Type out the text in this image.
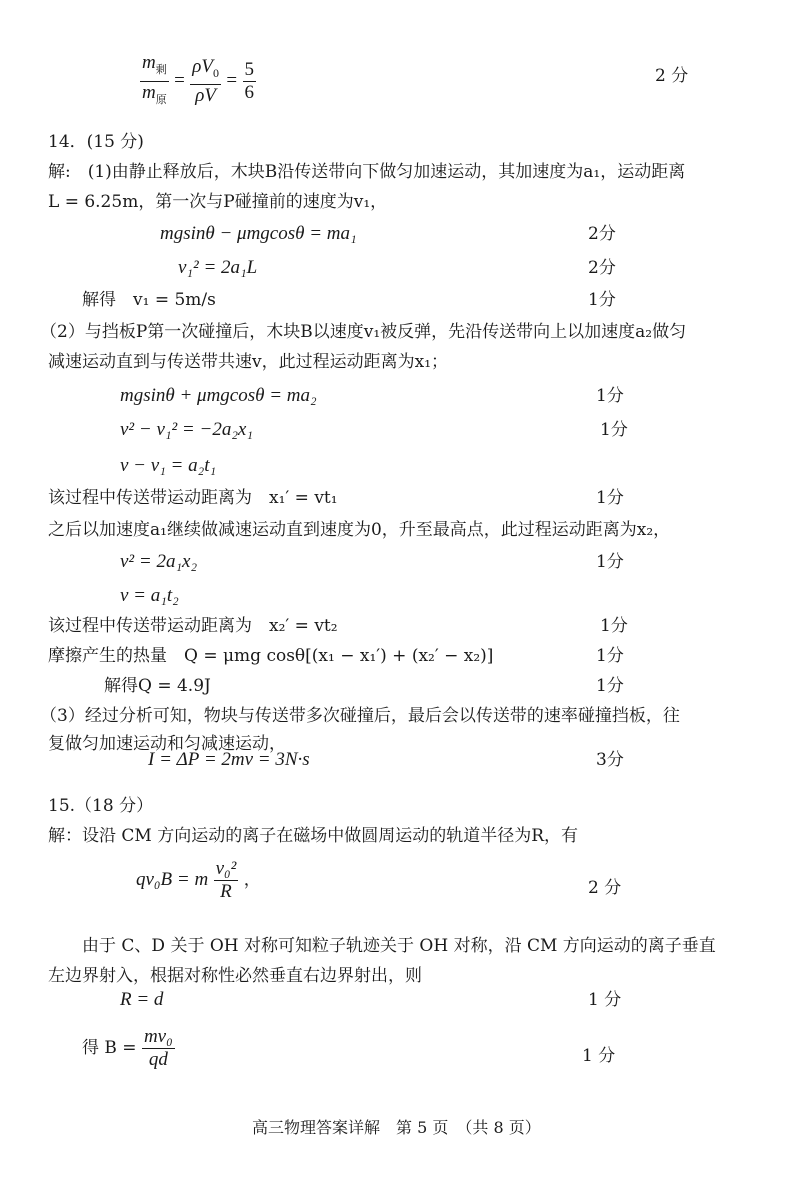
$\frac{m_剩}{m_原} = \frac{\rho V_0}{\rho V} = \frac{5}{6}$	2 分
14．(15 分)
解:　(1)由静止释放后，木块B沿传送带向下做匀加速运动，其加速度为a₁，运动距离
L = 6.25m，第一次与P碰撞前的速度为v₁，
mgsinθ − μmgcosθ = ma₁	2分
v₁² = 2a₁L	2分
解得　v₁ = 5m/s	1分
（2）与挡板P第一次碰撞后，木块B以速度v₁被反弹，先沿传送带向上以加速度a₂做匀
减速运动直到与传送带共速v，此过程运动距离为x₁；
mgsinθ + μmgcosθ = ma₂	1分
v² − v₁² = −2a₂x₁	1分
v − v₁ = a₂t₁
该过程中传送带运动距离为　x₁′ = vt₁	1分
之后以加速度a₁继续做减速运动直到速度为0，升至最高点，此过程运动距离为x₂，
v² = 2a₁x₂	1分
v = a₁t₂
该过程中传送带运动距离为　x₂′ = vt₂	1分
摩擦产生的热量　Q = μmg cosθ[(x₁ − x₁′) + (x₂′ − x₂)]	1分
解得Q = 4.9J	1分
（3）经过分析可知，物块与传送带多次碰撞后，最后会以传送带的速率碰撞挡板，往
复做匀加速运动和匀减速运动，
I = ΔP = 2mv = 3N·s	3分
15.（18 分）
解：设沿 CM 方向运动的离子在磁场中做圆周运动的轨道半径为R，有
qv₀B = m $\frac{\text{v₀²}}{R}$ ，	2 分
　　由于 C、D 关于 OH 对称可知粒子轨迹关于 OH 对称，沿 CM 方向运动的离子垂直
左边界射入，根据对称性必然垂直右边界射出，则
R = d	1 分
得 $B = \frac{\text{mv₀}}{qd}$	1 分
高三物理答案详解　第 5 页　（共 8 页）
